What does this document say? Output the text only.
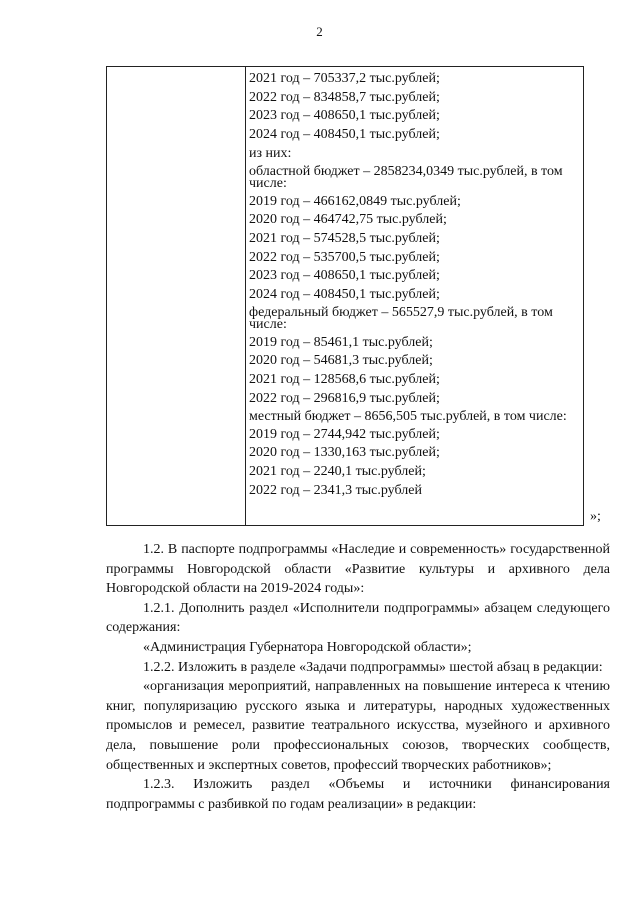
2
2021 год – 705337,2 тыс.рублей;
2022 год – 834858,7 тыс.рублей;
2023 год – 408650,1 тыс.рублей;
2024 год – 408450,1 тыс.рублей;
из них:
областной бюджет – 2858234,0349 тыс.рублей, в том числе:
2019 год – 466162,0849 тыс.рублей;
2020 год – 464742,75 тыс.рублей;
2021 год – 574528,5 тыс.рублей;
2022 год – 535700,5 тыс.рублей;
2023 год – 408650,1 тыс.рублей;
2024 год – 408450,1 тыс.рублей;
федеральный бюджет – 565527,9 тыс.рублей, в том числе:
2019 год – 85461,1 тыс.рублей;
2020 год – 54681,3 тыс.рублей;
2021 год – 128568,6 тыс.рублей;
2022 год – 296816,9 тыс.рублей;
местный бюджет – 8656,505 тыс.рублей, в том числе:
2019 год – 2744,942 тыс.рублей;
2020 год – 1330,163 тыс.рублей;
2021 год – 2240,1 тыс.рублей;
2022 год – 2341,3 тыс.рублей
»;

1.2. В паспорте подпрограммы «Наследие и современность» государственной программы Новгородской области «Развитие культуры и архивного дела Новгородской области на 2019-2024 годы»:

1.2.1. Дополнить раздел «Исполнители подпрограммы» абзацем следующего содержания:

«Администрация Губернатора Новгородской области»;

1.2.2. Изложить в разделе «Задачи подпрограммы» шестой абзац в редакции:

«организация мероприятий, направленных на повышение интереса к чтению книг, популяризацию русского языка и литературы, народных художественных промыслов и ремесел, развитие театрального искусства, музейного и архивного дела, повышение роли профессиональных союзов, творческих сообществ, общественных и экспертных советов, профессий творческих работников»;

1.2.3. Изложить раздел «Объемы и источники финансирования подпрограммы с разбивкой по годам реализации» в редакции:
